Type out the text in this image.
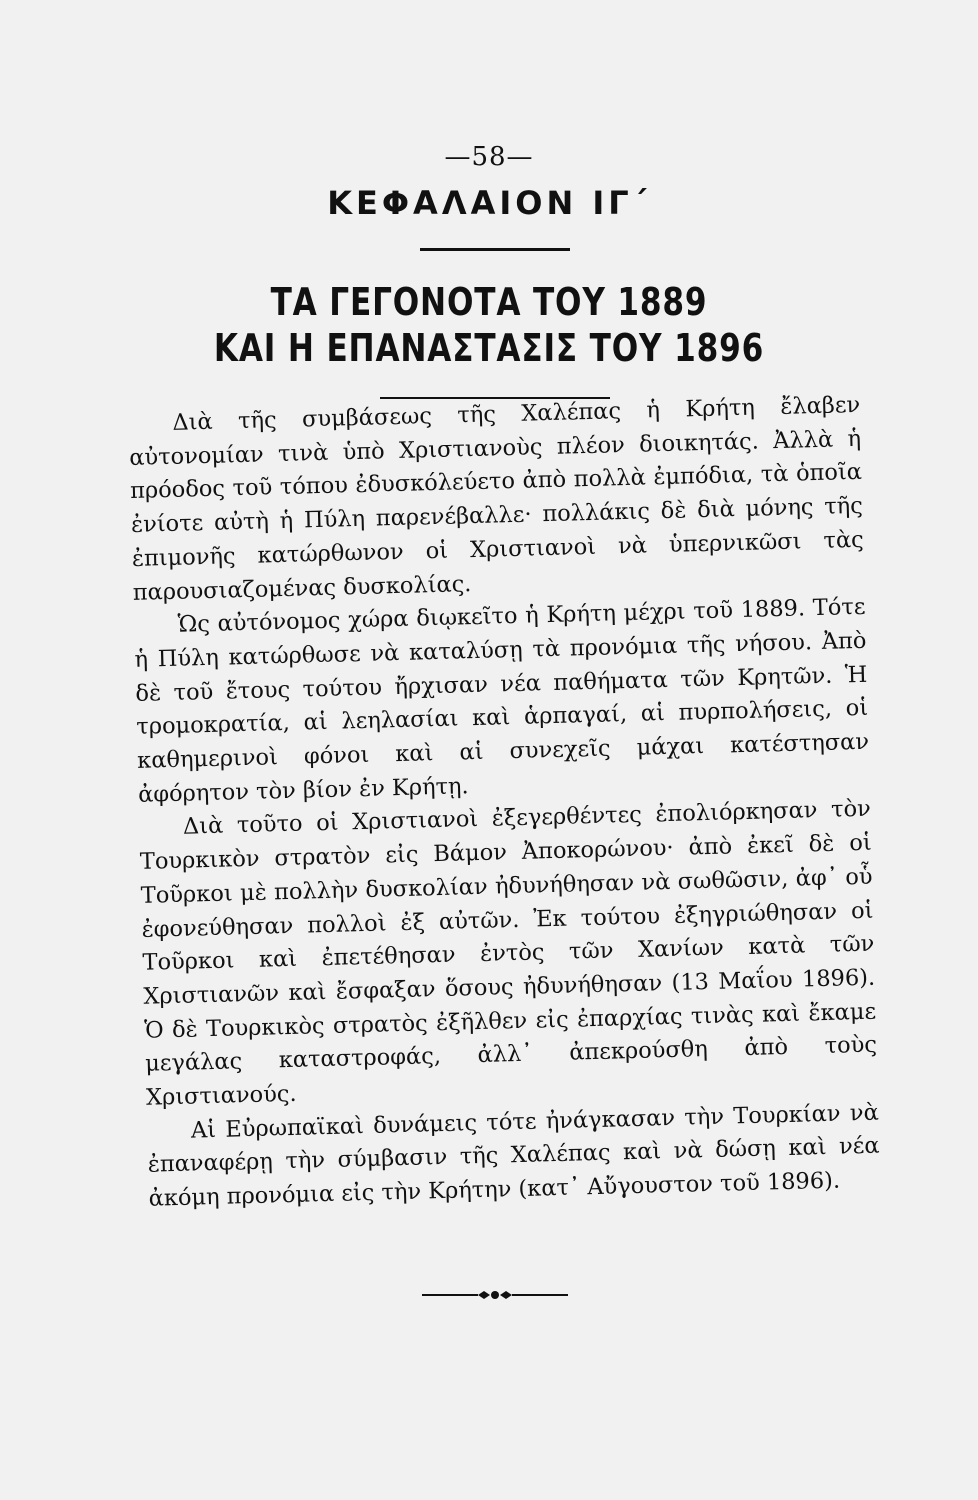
—58—
ΚΕΦΑΛΑΙΟΝ ΙΓ΄
ΤΑ ΓΕΓΟΝΟΤΑ ΤΟΥ 1889
ΚΑΙ Η ΕΠΑΝΑΣΤΑΣΙΣ ΤΟΥ 1896

Διὰ τῆς συμβάσεως τῆς Χαλέπας ἡ Κρήτη ἔλαβεν αὐτονομίαν τινὰ ὑπὸ Χριστιανοὺς πλέον διοικητάς. Ἀλλὰ ἡ πρόοδος τοῦ τόπου ἐδυσκόλεύετο ἀπὸ πολλὰ ἐμπόδια, τὰ ὁποῖα ἐνίοτε αὐτὴ ἡ Πύλη παρενέβαλλε· πολλάκις δὲ διὰ μόνης τῆς ἐπιμονῆς κατώρθωνον οἱ Χριστιανοὶ νὰ ὑπερνικῶσι τὰς παρουσιαζομένας δυσκολίας.

Ὡς αὐτόνομος χώρα διῳκεῖτο ἡ Κρήτη μέχρι τοῦ 1889. Τότε ἡ Πύλη κατώρθωσε νὰ καταλύσῃ τὰ προνόμια τῆς νήσου. Ἀπὸ δὲ τοῦ ἔτους τούτου ἤρχισαν νέα παθήματα τῶν Κρητῶν. Ἡ τρομοκρατία, αἱ λεηλασίαι καὶ ἁρπαγαί, αἱ πυρπολήσεις, οἱ καθημερινοὶ φόνοι καὶ αἱ συνεχεῖς μάχαι κατέστησαν ἀφόρητον τὸν βίον ἐν Κρήτῃ.

Διὰ τοῦτο οἱ Χριστιανοὶ ἐξεγερθέντες ἐπολιόρκησαν τὸν Τουρκικὸν στρατὸν εἰς Βάμον Ἀποκορώνου· ἀπὸ ἐκεῖ δὲ οἱ Τοῦρκοι μὲ πολλὴν δυσκολίαν ἠδυνήθησαν νὰ σωθῶσιν, ἀφ᾽ οὗ ἐφονεύθησαν πολλοὶ ἐξ αὐτῶν. Ἐκ τούτου ἐξηγριώθησαν οἱ Τοῦρκοι καὶ ἐπετέθησαν ἐντὸς τῶν Χανίων κατὰ τῶν Χριστιανῶν καὶ ἔσφαξαν ὅσους ἠδυνήθησαν (13 Μαΐου 1896). Ὁ δὲ Τουρκικὸς στρατὸς ἐξῆλθεν εἰς ἐπαρχίας τινὰς καὶ ἔκαμε μεγάλας καταστροφάς, ἀλλ᾽ ἀπεκρούσθη ἀπὸ τοὺς Χριστιανούς.

Αἱ Εὐρωπαϊκαὶ δυνάμεις τότε ἠνάγκασαν τὴν Τουρκίαν νὰ ἐπαναφέρῃ τὴν σύμβασιν τῆς Χαλέπας καὶ νὰ δώσῃ καὶ νέα ἀκόμη προνόμια εἰς τὴν Κρήτην (κατ᾽ Αὔγουστον τοῦ 1896).
